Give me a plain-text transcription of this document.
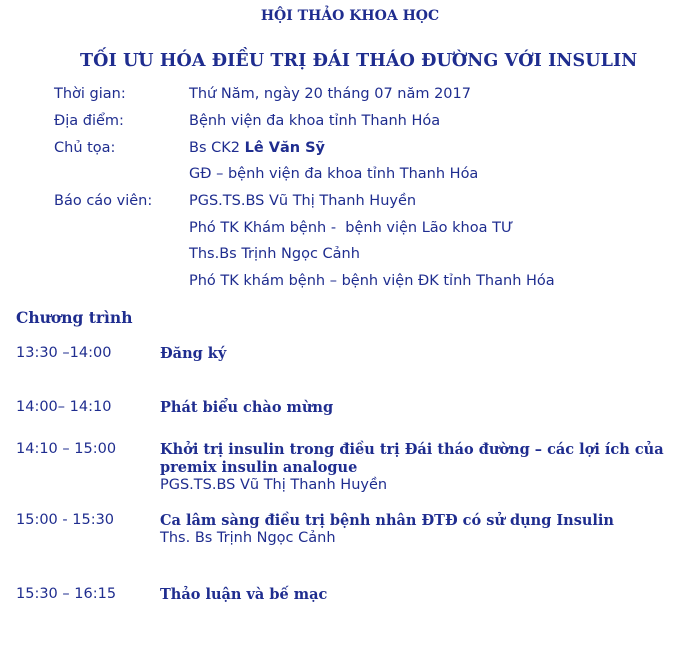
HỘI THẢO KHOA HỌC
TỐI ƯU HÓA ĐIỀU TRỊ ĐÁI THÁO ĐƯỜNG VỚI INSULIN
Thời gian:	Thứ Năm, ngày 20 tháng 07 năm 2017
Địa điểm:	Bệnh viện đa khoa tỉnh Thanh Hóa
Chủ tọa:	Bs CK2 Lê Văn Sỹ
GĐ – bệnh viện đa khoa tỉnh Thanh Hóa
Báo cáo viên:	PGS.TS.BS Vũ Thị Thanh Huyền
Phó TK Khám bệnh -  bệnh viện Lão khoa TƯ
Ths.Bs Trịnh Ngọc Cảnh
Phó TK khám bệnh – bệnh viện ĐK tỉnh Thanh Hóa
Chương trình
13:30 –14:00	Đăng ký
14:00– 14:10	Phát biểu chào mừng
14:10 – 15:00	Khởi trị insulin trong điều trị Đái tháo đường – các lợi ích của
premix insulin analogue
PGS.TS.BS Vũ Thị Thanh Huyền
15:00 - 15:30	Ca lâm sàng điều trị bệnh nhân ĐTĐ có sử dụng Insulin
Ths. Bs Trịnh Ngọc Cảnh
15:30 – 16:15	Thảo luận và bế mạc
